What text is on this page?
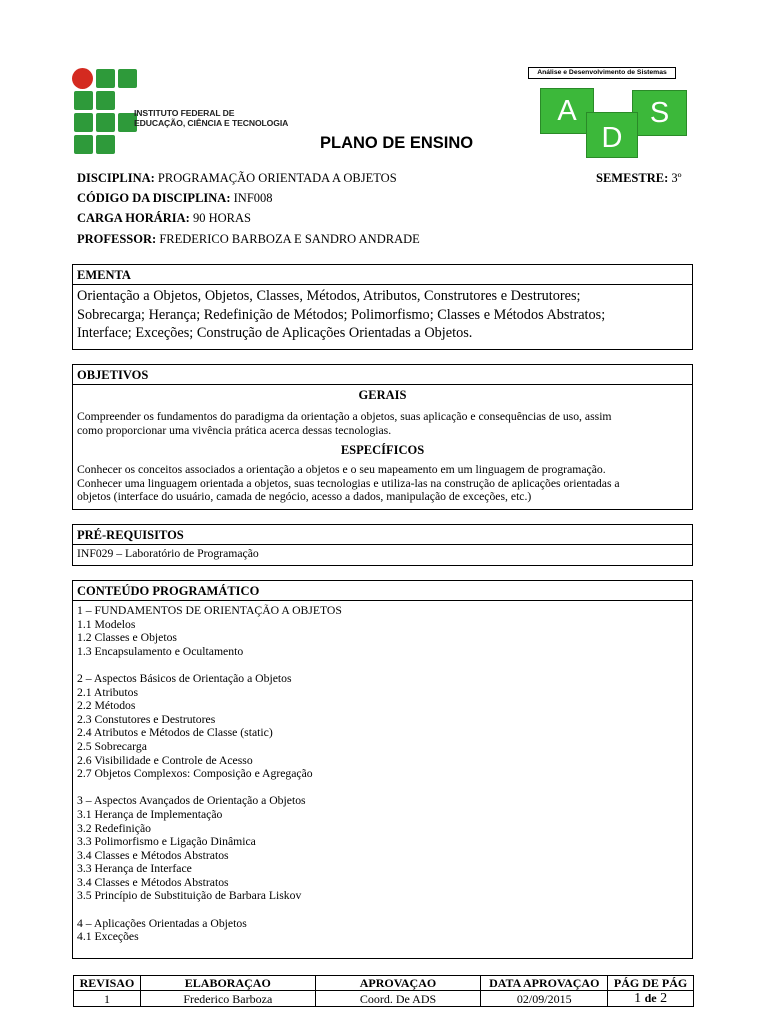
INSTITUTO FEDERAL DE
EDUCAÇÃO, CIÊNCIA E TECNOLOGIA
Análise e Desenvolvimento de Sistemas
A
D
S
PLANO DE ENSINO
DISCIPLINA: PROGRAMAÇÃO ORIENTADA A OBJETOS	SEMESTRE: 3º
CÓDIGO DA DISCIPLINA: INF008
CARGA HORÁRIA: 90 HORAS
PROFESSOR: FREDERICO BARBOZA E SANDRO ANDRADE
EMENTA
Orientação a Objetos, Objetos, Classes, Métodos, Atributos, Construtores e Destrutores;
Sobrecarga; Herança; Redefinição de Métodos; Polimorfismo; Classes e Métodos Abstratos;
Interface; Exceções; Construção de Aplicações Orientadas a Objetos.
OBJETIVOS
GERAIS
Compreender os fundamentos do paradigma da orientação a objetos, suas aplicação e consequências de uso, assim
como proporcionar uma vivência prática acerca dessas tecnologias.
ESPECÍFICOS
Conhecer os conceitos associados a orientação a objetos e o seu mapeamento em um linguagem de programação.
Conhecer uma linguagem orientada a objetos, suas tecnologias e utiliza-las na construção de aplicações orientadas a
objetos (interface do usuário, camada de negócio, acesso a dados, manipulação de exceções, etc.)
PRÉ-REQUISITOS
INF029 – Laboratório de Programação
CONTEÚDO PROGRAMÁTICO
1 – FUNDAMENTOS DE ORIENTAÇÃO A OBJETOS
1.1 Modelos
1.2 Classes e Objetos
1.3 Encapsulamento e Ocultamento
2 – Aspectos Básicos de Orientação a Objetos
2.1 Atributos
2.2 Métodos
2.3 Constutores e Destrutores
2.4 Atributos e Métodos de Classe (static)
2.5 Sobrecarga
2.6 Visibilidade e Controle de Acesso
2.7 Objetos Complexos: Composição e Agregação
3 – Aspectos Avançados de Orientação a Objetos
3.1 Herança de Implementação
3.2 Redefinição
3.3 Polimorfismo e Ligação Dinâmica
3.4 Classes e Métodos Abstratos
3.3 Herança de Interface
3.4 Classes e Métodos Abstratos
3.5 Princípio de Substituição de Barbara Liskov
4 – Aplicações Orientadas a Objetos
4.1 Exceções
REVISAO	ELABORAÇAO	APROVAÇAO	DATA APROVAÇAO	PÁG DE PÁG
1	Frederico Barboza	Coord. De ADS	02/09/2015	1 de 2
